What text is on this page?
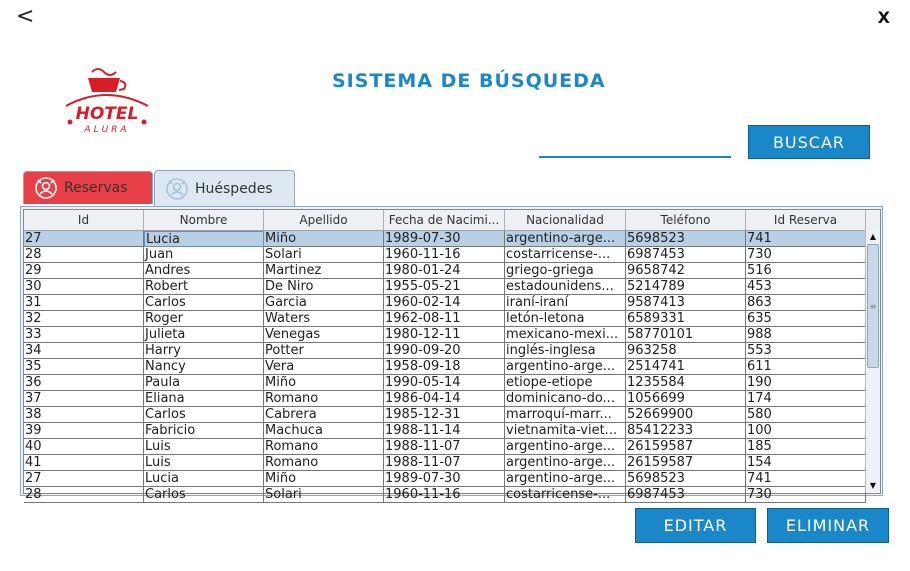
<	X
HOTEL
ALURA
SISTEMA DE BÚSQUEDA
BUSCAR
Reservas	Huéspedes
Id	Nombre	Apellido	Fecha de Nacimi...	Nacionalidad	Teléfono	Id Reserva
27	Lucia	Miño	1989-07-30	argentino-arge... 5698523	741
28	Juan	Solari	1960-11-16	costarricense-...	6987453	730
29	Andres	Martinez	1980-01-24	griego-griega	9658742	516
30	Robert	De Niro	1955-05-21	estadounidens...	5214789	453
31	Carlos	Garcia	1960-02-14	iraní-iraní	9587413	863
32	Roger	Waters	1962-08-11	letón-letona	6589331	635
33	Julieta	Venegas	1980-12-11	mexicano-mexi... 58770101	988
34	Harry	Potter	1990-09-20	inglés-inglesa	963258	553
35	Nancy	Vera	1958-09-18	argentino-arge... 2514741	611
36	Paula	Miño	1990-05-14	etiope-etiope	1235584	190
37	Eliana	Romano	1986-04-14	dominicano-do... 1056699	174
38	Carlos	Cabrera	1985-12-31	marroquí-marr...	52669900	580
39	Fabricio	Machuca	1988-11-14	vietnamita-viet... 85412233	100
40	Luis	Romano	1988-11-07	argentino-arge... 26159587	185
41	Luis	Romano	1988-11-07	argentino-arge... 26159587	154
27	Lucia	Miño	1989-07-30	argentino-arge... 5698523	741
28	Carlos	Solari	1960-11-16	costarricense-...	6987453	730
▲
≡
▼
EDITAR	ELIMINAR
